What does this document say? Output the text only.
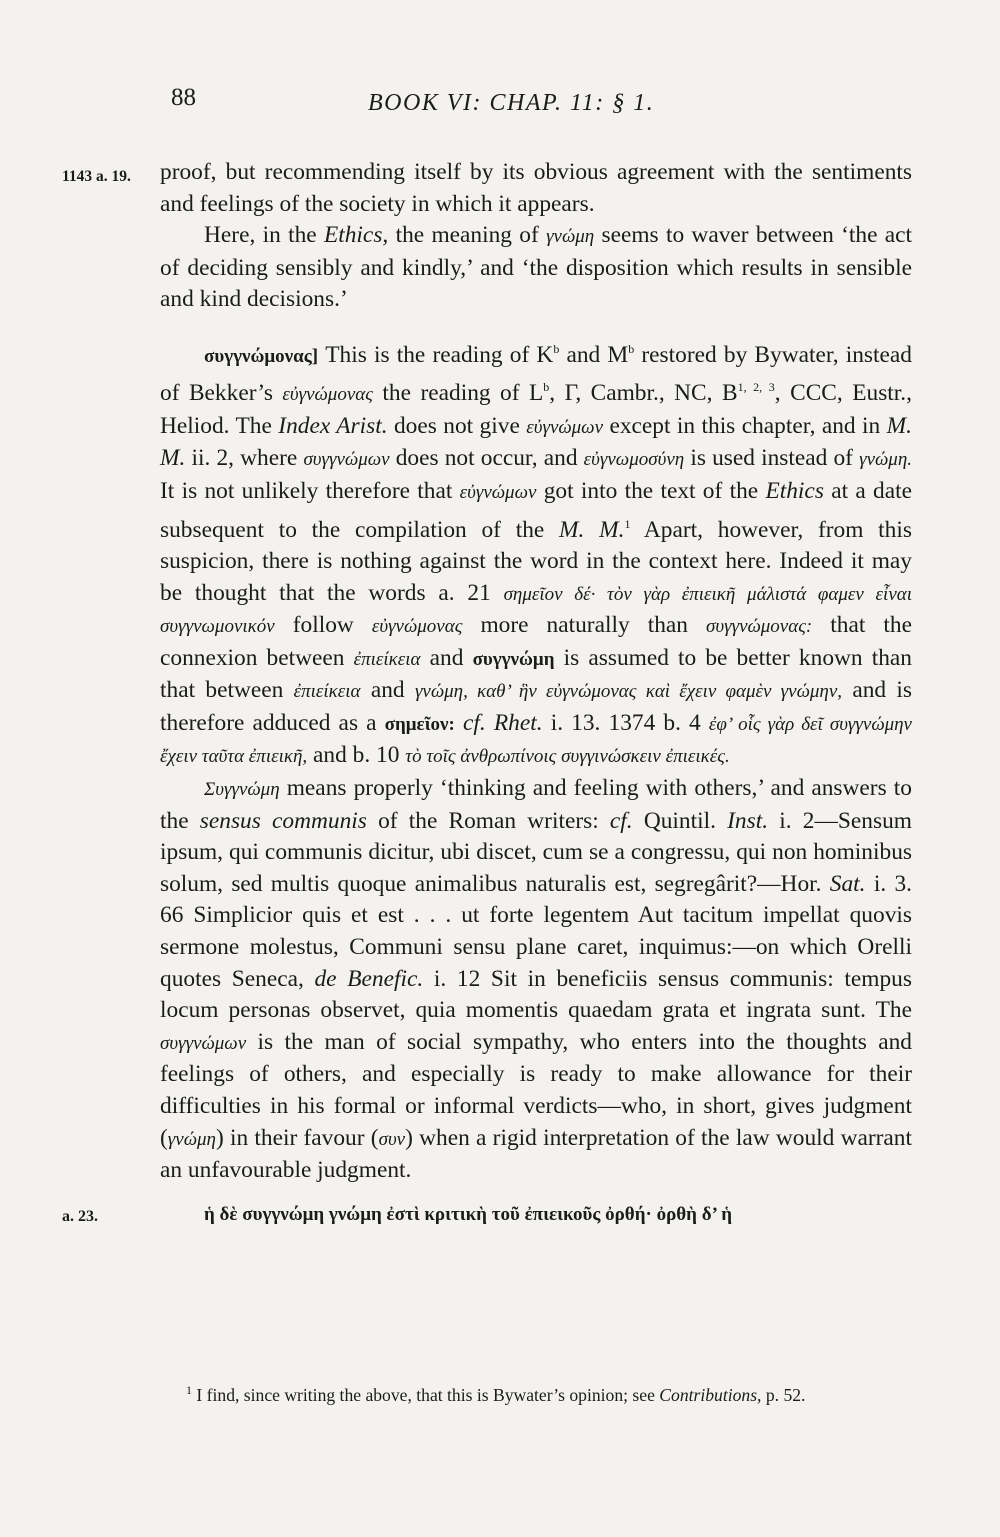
88	BOOK VI: CHAP. 11: § 1.
1143 a. 19.	proof, but recommending itself by its obvious agreement with the sentiments and feelings of the society in which it appears.

Here, in the Ethics, the meaning of γνώμη seems to waver between ‘the act of deciding sensibly and kindly,’ and ‘the disposition which results in sensible and kind decisions.’

συγγνώμονας] This is the reading of $K^b$ and $M^b$ restored by Bywater, instead of Bekker’s εὐγνώμονας the reading of $L^b$, Γ, Cambr., NC, B$^{1, 2, 3}$, CCC, Eustr., Heliod. The Index Arist. does not give εὐγνώμων except in this chapter, and in M. M. ii. 2, where συγγνώμων does not occur, and εὐγνωμοσύνη is used instead of γνώμη. It is not unlikely therefore that εὐγνώμων got into the text of the Ethics at a date subsequent to the compilation of the M. M.$^1$ Apart, however, from this suspicion, there is nothing against the word in the context here. Indeed it may be thought that the words a. 21 σημεῖον δέ· τὸν γὰρ ἐπιεικῆ μάλιστά φαμεν εἶναι συγγνωμονικόν follow εὐγνώμονας more naturally than συγγνώμονας: that the connexion between ἐπιείκεια and συγγνώμη is assumed to be better known than that between ἐπιείκεια and γνώμη, καθ’ ἣν εὐγνώμονας καὶ ἔχειν φαμὲν γνώμην, and is therefore adduced as a σημεῖον: cf. Rhet. i. 13. 1374 b. 4 ἐφ’ οἷς γὰρ δεῖ συγγνώμην ἔχειν ταῦτα ἐπιεικῆ, and b. 10 τὸ τοῖς ἀνθρωπίνοις συγγινώσκειν ἐπιεικές.

Συγγνώμη means properly ‘thinking and feeling with others,’ and answers to the sensus communis of the Roman writers: cf. Quintil. Inst. i. 2—Sensum ipsum, qui communis dicitur, ubi discet, cum se a congressu, qui non hominibus solum, sed multis quoque animalibus naturalis est, segregârit?—Hor. Sat. i. 3. 66 Simplicior quis et est . . . ut forte legentem Aut tacitum impellat quovis sermone molestus, Communi sensu plane caret, inquimus:—on which Orelli quotes Seneca, de Benefic. i. 12 Sit in beneficiis sensus communis: tempus locum personas observet, quia momentis quaedam grata et ingrata sunt. The συγγνώμων is the man of social sympathy, who enters into the thoughts and feelings of others, and especially is ready to make allowance for their difficulties in his formal or informal verdicts—who, in short, gives judgment (γνώμη) in their favour (συν) when a rigid interpretation of the law would warrant an unfavourable judgment.

a. 23.	ἡ δὲ συγγνώμη γνώμη ἐστὶ κριτικὴ τοῦ ἐπιεικοῦς ὀρθή· ὀρθὴ δ’ ἡ
$^1$ I find, since writing the above, that this is Bywater’s opinion; see Contributions, p. 52.
